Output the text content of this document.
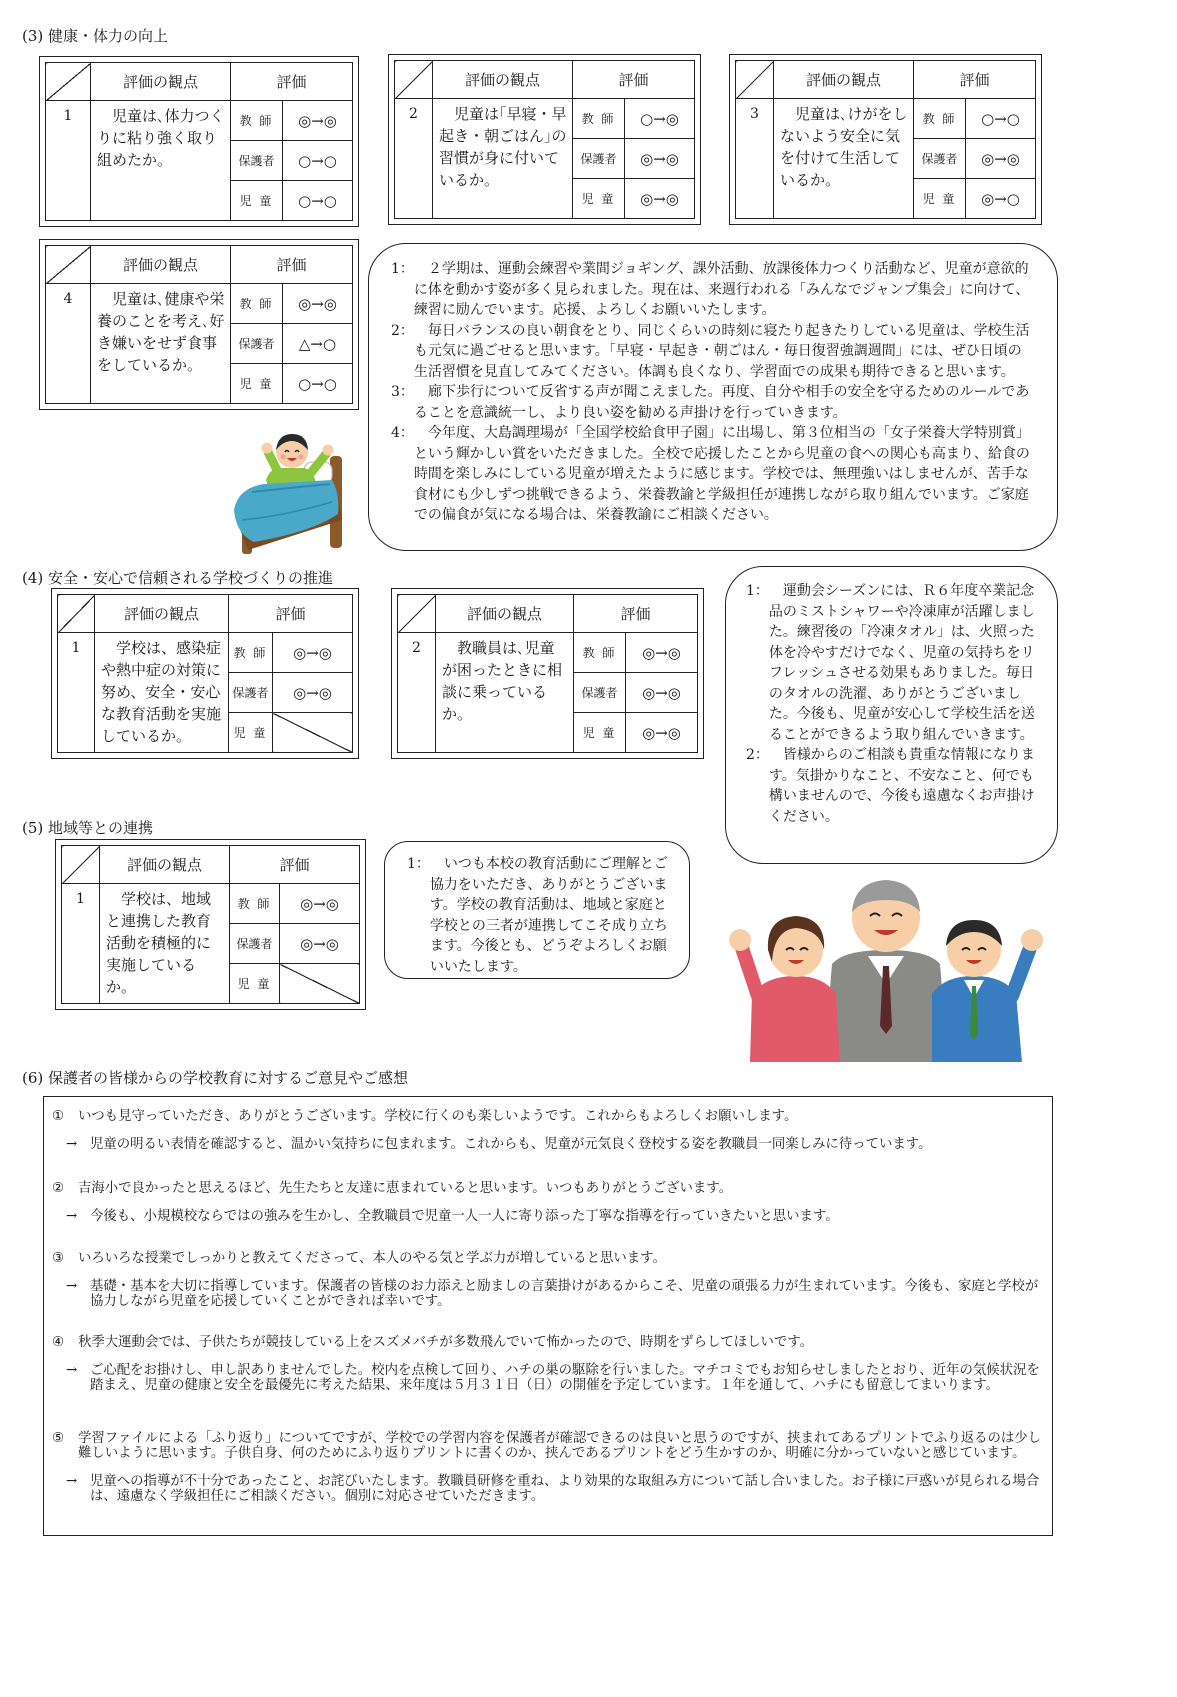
(3) 健康・体力の向上
	評価の観点	評価	
1	児童は､体力つくりに粘り強く取り組めたか。	教 師	◎→◎
		保護者	○→○
		児 童	○→○
	評価の観点	評価	
2	児童は｢早寝・早起き・朝ごはん｣の習慣が身に付いているか。	教 師	○→◎
		保護者	◎→◎
		児 童	◎→◎
	評価の観点	評価	
3	児童は､けがをしないよう安全に気を付けて生活しているか。	教 師	○→○
		保護者	◎→◎
		児 童	◎→○
	評価の観点	評価	
4	児童は､健康や栄養のことを考え､好き嫌いをせず食事をしているか。	教 師	◎→◎
		保護者	△→○
		児 童	○→○
1：	２学期は、運動会練習や業間ジョギング、課外活動、放課後体力つくり活動など、児童が意欲的に体を動かす姿が多く見られました。現在は、来週行われる「みんなでジャンプ集会」に向けて、練習に励んでいます。応援、よろしくお願いいたします。
2：	毎日バランスの良い朝食をとり、同じくらいの時刻に寝たり起きたりしている児童は、学校生活も元気に過ごせると思います。「早寝・早起き・朝ごはん・毎日復習強調週間」には、ぜひ日頃の生活習慣を見直してみてください。体調も良くなり、学習面での成果も期待できると思います。
3：	廊下歩行について反省する声が聞こえました。再度、自分や相手の安全を守るためのルールであることを意識統一し、より良い姿を勧める声掛けを行っていきます。
4：	今年度、大島調理場が「全国学校給食甲子園」に出場し、第３位相当の「女子栄養大学特別賞」という輝かしい賞をいただきました。全校で応援したことから児童の食への関心も高まり、給食の時間を楽しみにしている児童が増えたように感じます。学校では、無理強いはしませんが、苦手な食材にも少しずつ挑戦できるよう、栄養教諭と学級担任が連携しながら取り組んでいます。ご家庭での偏食が気になる場合は、栄養教諭にご相談ください。
(4) 安全・安心で信頼される学校づくりの推進
	評価の観点	評価	
1	学校は、感染症や熱中症の対策に努め、安全・安心な教育活動を実施しているか。	教 師	◎→◎
		保護者	◎→◎
		児 童	
	評価の観点	評価	
2	教職員は､児童が困ったときに相談に乗っているか。	教 師	◎→◎
		保護者	◎→◎
		児 童	◎→◎
1：	運動会シーズンには、Ｒ６年度卒業記念品のミストシャワーや冷凍庫が活躍しました。練習後の「冷凍タオル」は、火照った体を冷やすだけでなく、児童の気持ちをリフレッシュさせる効果もありました。毎日のタオルの洗濯、ありがとうございました。今後も、児童が安心して学校生活を送ることができるよう取り組んでいきます。
2：	皆様からのご相談も貴重な情報になります。気掛かりなこと、不安なこと、何でも構いませんので、今後も遠慮なくお声掛けください。
(5) 地域等との連携
	評価の観点	評価	
1	学校は、地域と連携した教育活動を積極的に実施しているか。	教 師	◎→◎
		保護者	◎→◎
		児 童	
1：	いつも本校の教育活動にご理解とご協力をいただき、ありがとうございます。学校の教育活動は、地域と家庭と学校との三者が連携してこそ成り立ちます。今後とも、どうぞよろしくお願いいたします。
(6) 保護者の皆様からの学校教育に対するご意見やご感想
①	いつも見守っていただき、ありがとうございます。学校に行くのも楽しいようです。これからもよろしくお願いします。
→ 児童の明るい表情を確認すると、温かい気持ちに包まれます。これからも、児童が元気良く登校する姿を教職員一同楽しみに待っています。
②	吉海小で良かったと思えるほど、先生たちと友達に恵まれていると思います。いつもありがとうございます。
→ 今後も、小規模校ならではの強みを生かし、全教職員で児童一人一人に寄り添った丁寧な指導を行っていきたいと思います。
③	いろいろな授業でしっかりと教えてくださって、本人のやる気と学ぶ力が増していると思います。
→ 基礎・基本を大切に指導しています。保護者の皆様のお力添えと励ましの言葉掛けがあるからこそ、児童の頑張る力が生まれています。今後も、家庭と学校が協力しながら児童を応援していくことができれば幸いです。
④	秋季大運動会では、子供たちが競技している上をスズメバチが多数飛んでいて怖かったので、時期をずらしてほしいです。
→ ご心配をお掛けし、申し訳ありませんでした。校内を点検して回り、ハチの巣の駆除を行いました。マチコミでもお知らせしましたとおり、近年の気候状況を踏まえ、児童の健康と安全を最優先に考えた結果、来年度は５月３１日（日）の開催を予定しています。１年を通して、ハチにも留意してまいります。
⑤	学習ファイルによる「ふり返り」についてですが、学校での学習内容を保護者が確認できるのは良いと思うのですが、挟まれてあるプリントでふり返るのは少し難しいように思います。子供自身、何のためにふり返りプリントに書くのか、挟んであるプリントをどう生かすのか、明確に分かっていないと感じています。
→ 児童への指導が不十分であったこと、お詫びいたします。教職員研修を重ね、より効果的な取組み方について話し合いました。お子様に戸惑いが見られる場合は、遠慮なく学級担任にご相談ください。個別に対応させていただきます。
